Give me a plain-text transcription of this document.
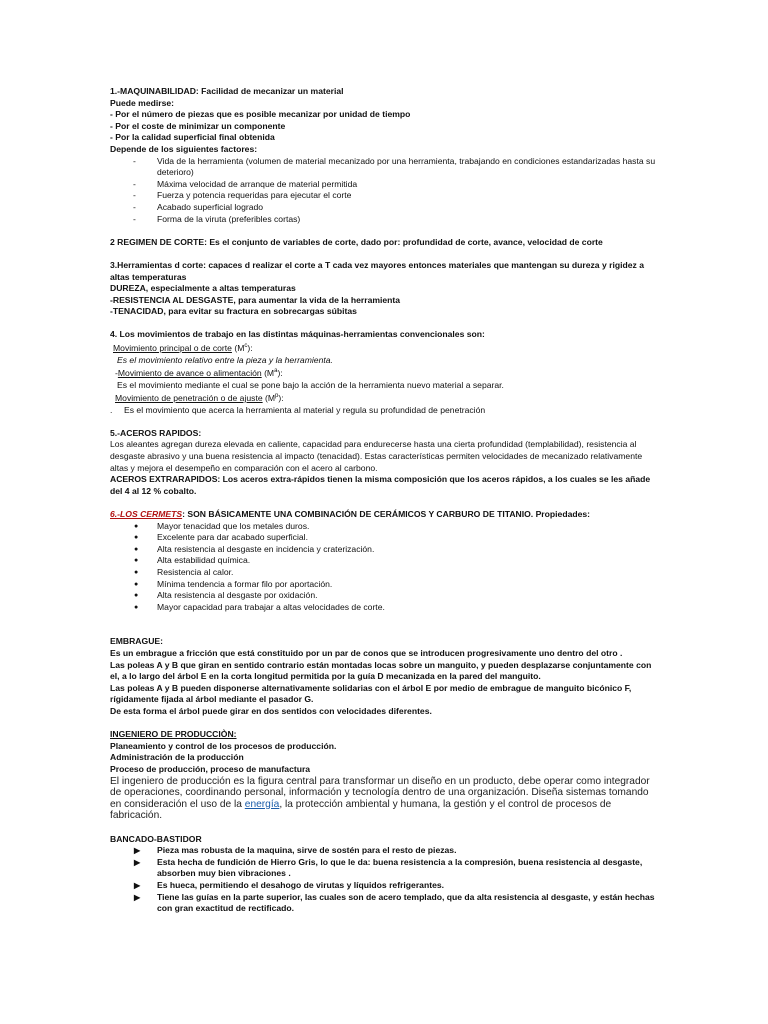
1.-MAQUINABILIDAD: Facilidad de mecanizar un material

Puede medirse:

- Por el número de piezas que es posible mecanizar por unidad de tiempo

- Por el coste de minimizar un componente

- Por la calidad superficial final obtenida

Depende de los siguientes factores:

- Vida de la herramienta (volumen de material mecanizado por una herramienta, trabajando en condiciones estandarizadas hasta su deterioro)
- Máxima velocidad de arranque de material permitida
- Fuerza y potencia requeridas para ejecutar el corte
- Acabado superficial logrado
- Forma de la viruta (preferibles cortas)

2 REGIMEN DE CORTE: Es el conjunto de variables de corte, dado por: profundidad de corte, avance, velocidad de corte

3.Herramientas d corte: capaces d realizar el corte a T cada vez mayores entonces materiales que mantengan su dureza y rigidez a altas temperaturas

DUREZA, especialmente a altas temperaturas

-RESISTENCIA AL DESGASTE, para aumentar la vida de la herramienta

-TENACIDAD, para evitar su fractura en sobrecargas súbitas

4. Los movimientos de trabajo en las distintas máquinas-herramientas convencionales son:

Movimiento principal o de corte $(M^c)$:

Es el movimiento relativo entre la pieza y la herramienta.

-Movimiento de avance o alimentación $(M^a)$:

Es el movimiento mediante el cual se pone bajo la acción de la herramienta nuevo material a separar.

Movimiento de penetración o de ajuste $(M^p)$:

. Es el movimiento que acerca la herramienta al material y regula su profundidad de penetración

5.-ACEROS RAPIDOS:

Los aleantes agregan dureza elevada en caliente, capacidad para endurecerse hasta una cierta profundidad (templabilidad), resistencia al desgaste abrasivo y una buena resistencia al impacto (tenacidad). Estas características permiten velocidades de mecanizado relativamente altas y mejora el desempeño en comparación con el acero al carbono.

ACEROS EXTRARAPIDOS: Los aceros extra-rápidos tienen la misma composición que los aceros rápidos, a los cuales se les añade del 4 al 12 % cobalto.

6.-LOS CERMETS: SON BÁSICAMENTE UNA COMBINACIÓN DE CERÁMICOS Y CARBURO DE TITANIO. Propiedades:

● Mayor tenacidad que los metales duros.
● Excelente para dar acabado superficial.
● Alta resistencia al desgaste en incidencia y craterización.
● Alta estabilidad química.
● Resistencia al calor.
● Mínima tendencia a formar filo por aportación.
● Alta resistencia al desgaste por oxidación.
● Mayor capacidad para trabajar a altas velocidades de corte.

EMBRAGUE:

Es un embrague a fricción que está constituido por un par de conos que se introducen progresivamente uno dentro del otro .

Las poleas A y B que giran en sentido contrario están montadas locas sobre un manguito, y pueden desplazarse conjuntamente con el, a lo largo del árbol E en la corta longitud permitida por la guía D mecanizada en la pared del manguito.

Las poleas A y B pueden disponerse alternativamente solidarias con el árbol E por medio de embrague de manguito bicónico F, rígidamente fijada al árbol mediante el pasador G.

De esta forma el árbol puede girar en dos sentidos con velocidades diferentes.

INGENIERO DE PRODUCCIÒN:

Planeamiento y control de los procesos de producción.

Administración de la producción

Proceso de producción, proceso de manufactura

El ingeniero de producción es la figura central para transformar un diseño en un producto, debe operar como integrador de operaciones, coordinando personal, información y tecnología dentro de una organización. Diseña sistemas tomando en consideración el uso de la energía, la protección ambiental y humana, la gestión y el control de procesos de fabricación.

BANCADO-BASTIDOR

▶ Pieza mas robusta de la maquina, sirve de sostén para el resto de piezas.
▶ Esta hecha de fundición de Hierro Gris, lo que le da: buena resistencia a la compresión, buena resistencia al desgaste, absorben muy bien vibraciones .
▶ Es hueca, permitiendo el desahogo de virutas y líquidos refrigerantes.
▶ Tiene las guías en la parte superior, las cuales son de acero templado, que da alta resistencia al desgaste, y están hechas con gran exactitud de rectificado.
